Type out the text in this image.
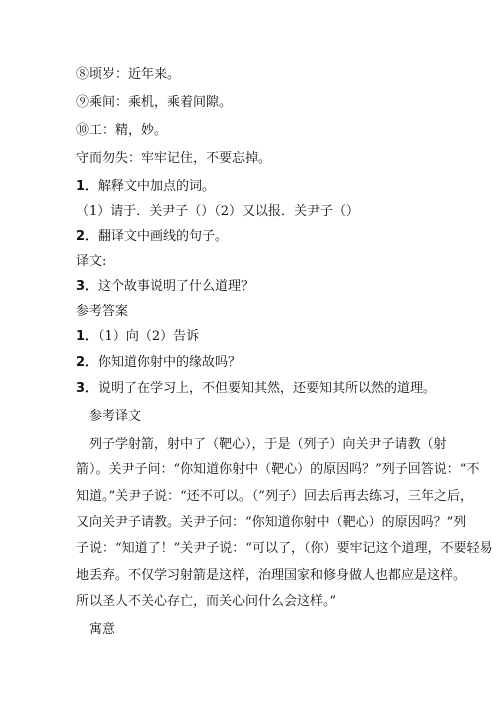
⑧顷岁：近年来。
⑨乘间：乘机，乘着间隙。
⑩工：精，妙。
守而勿失：牢牢记住，不要忘掉。
1．解释文中加点的词。
（1）请于．关尹子（）（2）又以报．关尹子（）
2．翻译文中画线的句子。
译文:
3．这个故事说明了什么道理？
参考答案
1．（1）向（2）告诉
2．你知道你射中的缘故吗？
3．说明了在学习上，不但要知其然，还要知其所以然的道理。
参考译文
列子学射箭，射中了（靶心），于是（列子）向关尹子请教（射
箭）。关尹子问：“你知道你射中（靶心）的原因吗？”列子回答说：“不
知道。”关尹子说：“还不可以。（”列子）回去后再去练习，三年之后，
又向关尹子请教。关尹子问：“你知道你射中（靶心）的原因吗？”列
子说：“知道了！”关尹子说：“可以了，（你）要牢记这个道理，不要轻易
地丢弃。不仅学习射箭是这样，治理国家和修身做人也都应是这样。
所以圣人不关心存亡，而关心问什么会这样。”
寓意
